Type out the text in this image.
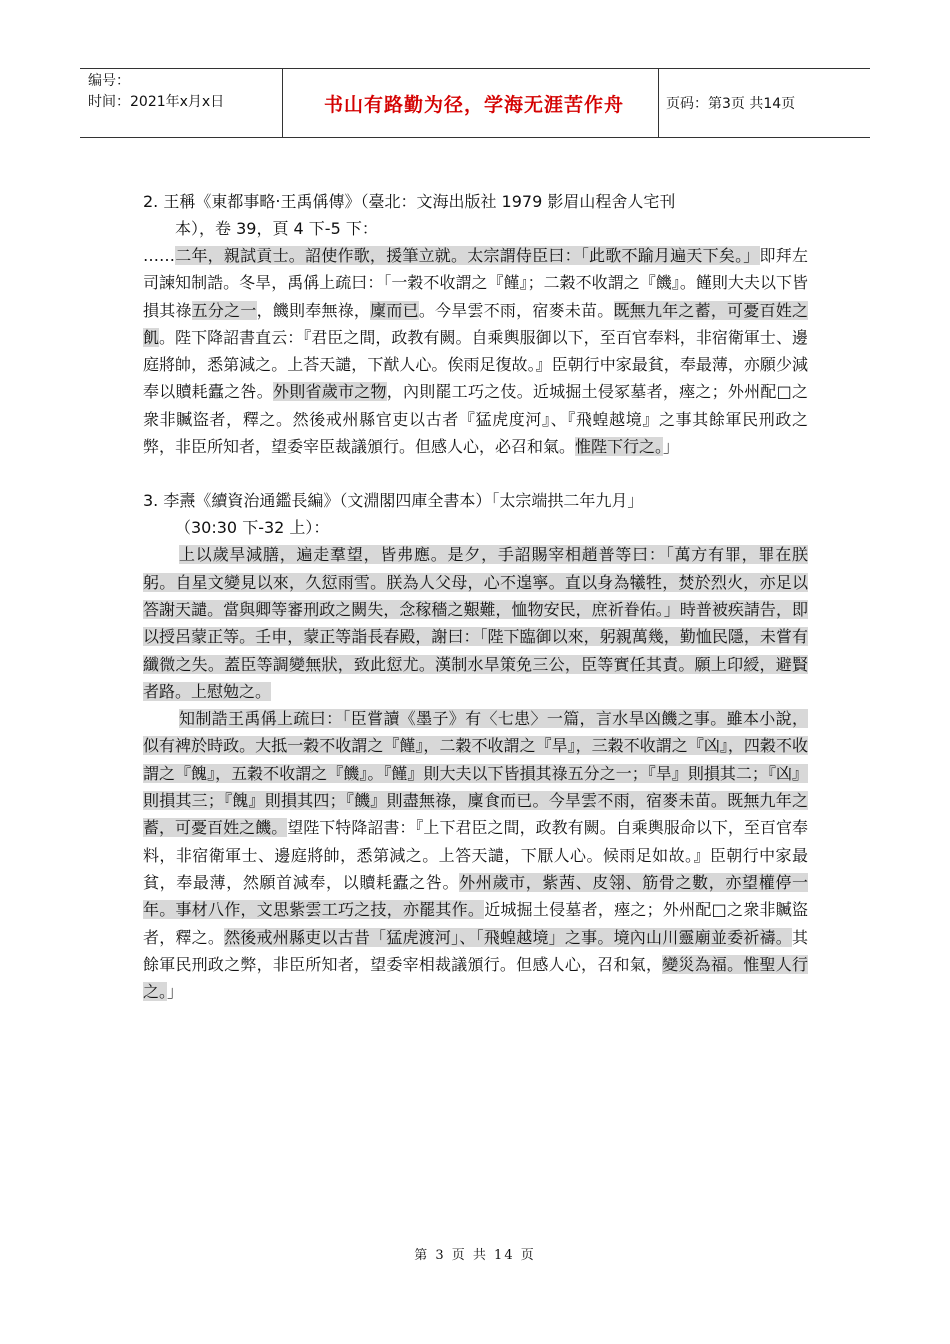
编号：
时间：2021年x月x日	书山有路勤为径，学海无涯苦作舟	页码：第3页 共14页

2. 王稱《東都事略‧王禹偁傳》（臺北：文海出版社 1979 影眉山程舍人宅刊
本），卷 39，頁 4 下-5 下：

……二年，親試貢士。詔使作歌，援筆立就。太宗謂侍臣曰：「此歌不踰月遍天下矣。」即拜左司諫知制誥。冬旱，禹偁上疏曰：「一穀不收謂之『饉』；二穀不收謂之『饑』。饉則大夫以下皆損其祿五分之一，饑則奉無祿，廩而已。今旱雲不雨，宿麥未苗。既無九年之蓄，可憂百姓之飢。陛下降詔書直云：『君臣之間，政教有闕。自乘輿服御以下，至百官奉料，非宿衛軍士、邊庭將帥，悉第減之。上荅天譴，下猷人心。俟雨足復故。』臣朝行中家最貧，奉最薄，亦願少減奉以贖耗蠹之咎。外則省歲市之物，內則罷工巧之伎。近城掘土侵冢墓者，瘞之；外州配□之衆非贓盜者，釋之。然後戒州縣官吏以古者『猛虎度河』、『飛蝗越境』之事其餘軍民刑政之弊，非臣所知者，望委宰臣裁議頒行。但感人心，必召和氣。惟陛下行之。」

3. 李燾《續資治通鑑長編》（文淵閣四庫全書本）「太宗端拱二年九月」
（30:30 下-32 上）：

上以歲旱減膳，遍走羣望，皆弗應。是夕，手詔賜宰相趙普等曰：「萬方有罪，罪在朕躬。自星文變見以來，久愆雨雪。朕為人父母，心不遑寧。直以身為犧牲，焚於烈火，亦足以答謝天譴。當與卿等審刑政之闕失，念稼穡之艱難，恤物安民，庶祈眷佑。」時普被疾請告，即以授呂蒙正等。壬申，蒙正等詣長春殿，謝曰：「陛下臨御以來，躬親萬幾，勤恤民隱，未嘗有纖微之失。蓋臣等調變無狀，致此愆尤。漢制水旱策免三公，臣等實任其責。願上印綬，避賢者路。上慰勉之。

知制誥王禹偁上疏曰：「臣嘗讀《墨子》有〈七患〉一篇，言水旱凶饑之事。雖本小說，似有裨於時政。大抵一穀不收謂之『饉』，二穀不收謂之『旱』，三穀不收謂之『凶』，四穀不收謂之『餽』，五穀不收謂之『饑』。『饉』則大夫以下皆損其祿五分之一；『旱』則損其二；『凶』則損其三；『餽』則損其四；『饑』則盡無祿，廩食而已。今旱雲不雨，宿麥未苗。既無九年之蓄，可憂百姓之饑。望陛下特降詔書：『上下君臣之間，政教有闕。自乘輿服命以下，至百官奉料，非宿衛軍士、邊庭將帥，悉第減之。上答天譴，下厭人心。候雨足如故。』臣朝行中家最貧，奉最薄，然願首減奉，以贖耗蠹之咎。外州歲市，紫茜、皮翎、筋骨之數，亦望權停一年。事材八作，文思紫雲工巧之技，亦罷其作。近城掘土侵墓者，瘞之；外州配□之衆非贓盜者，釋之。然後戒州縣吏以古昔「猛虎渡河」、「飛蝗越境」之事。境內山川靈廟並委祈禱。其餘軍民刑政之弊，非臣所知者，望委宰相裁議頒行。但感人心，召和氣，變災為福。惟聖人行之。」

第 3 页 共 14 页
